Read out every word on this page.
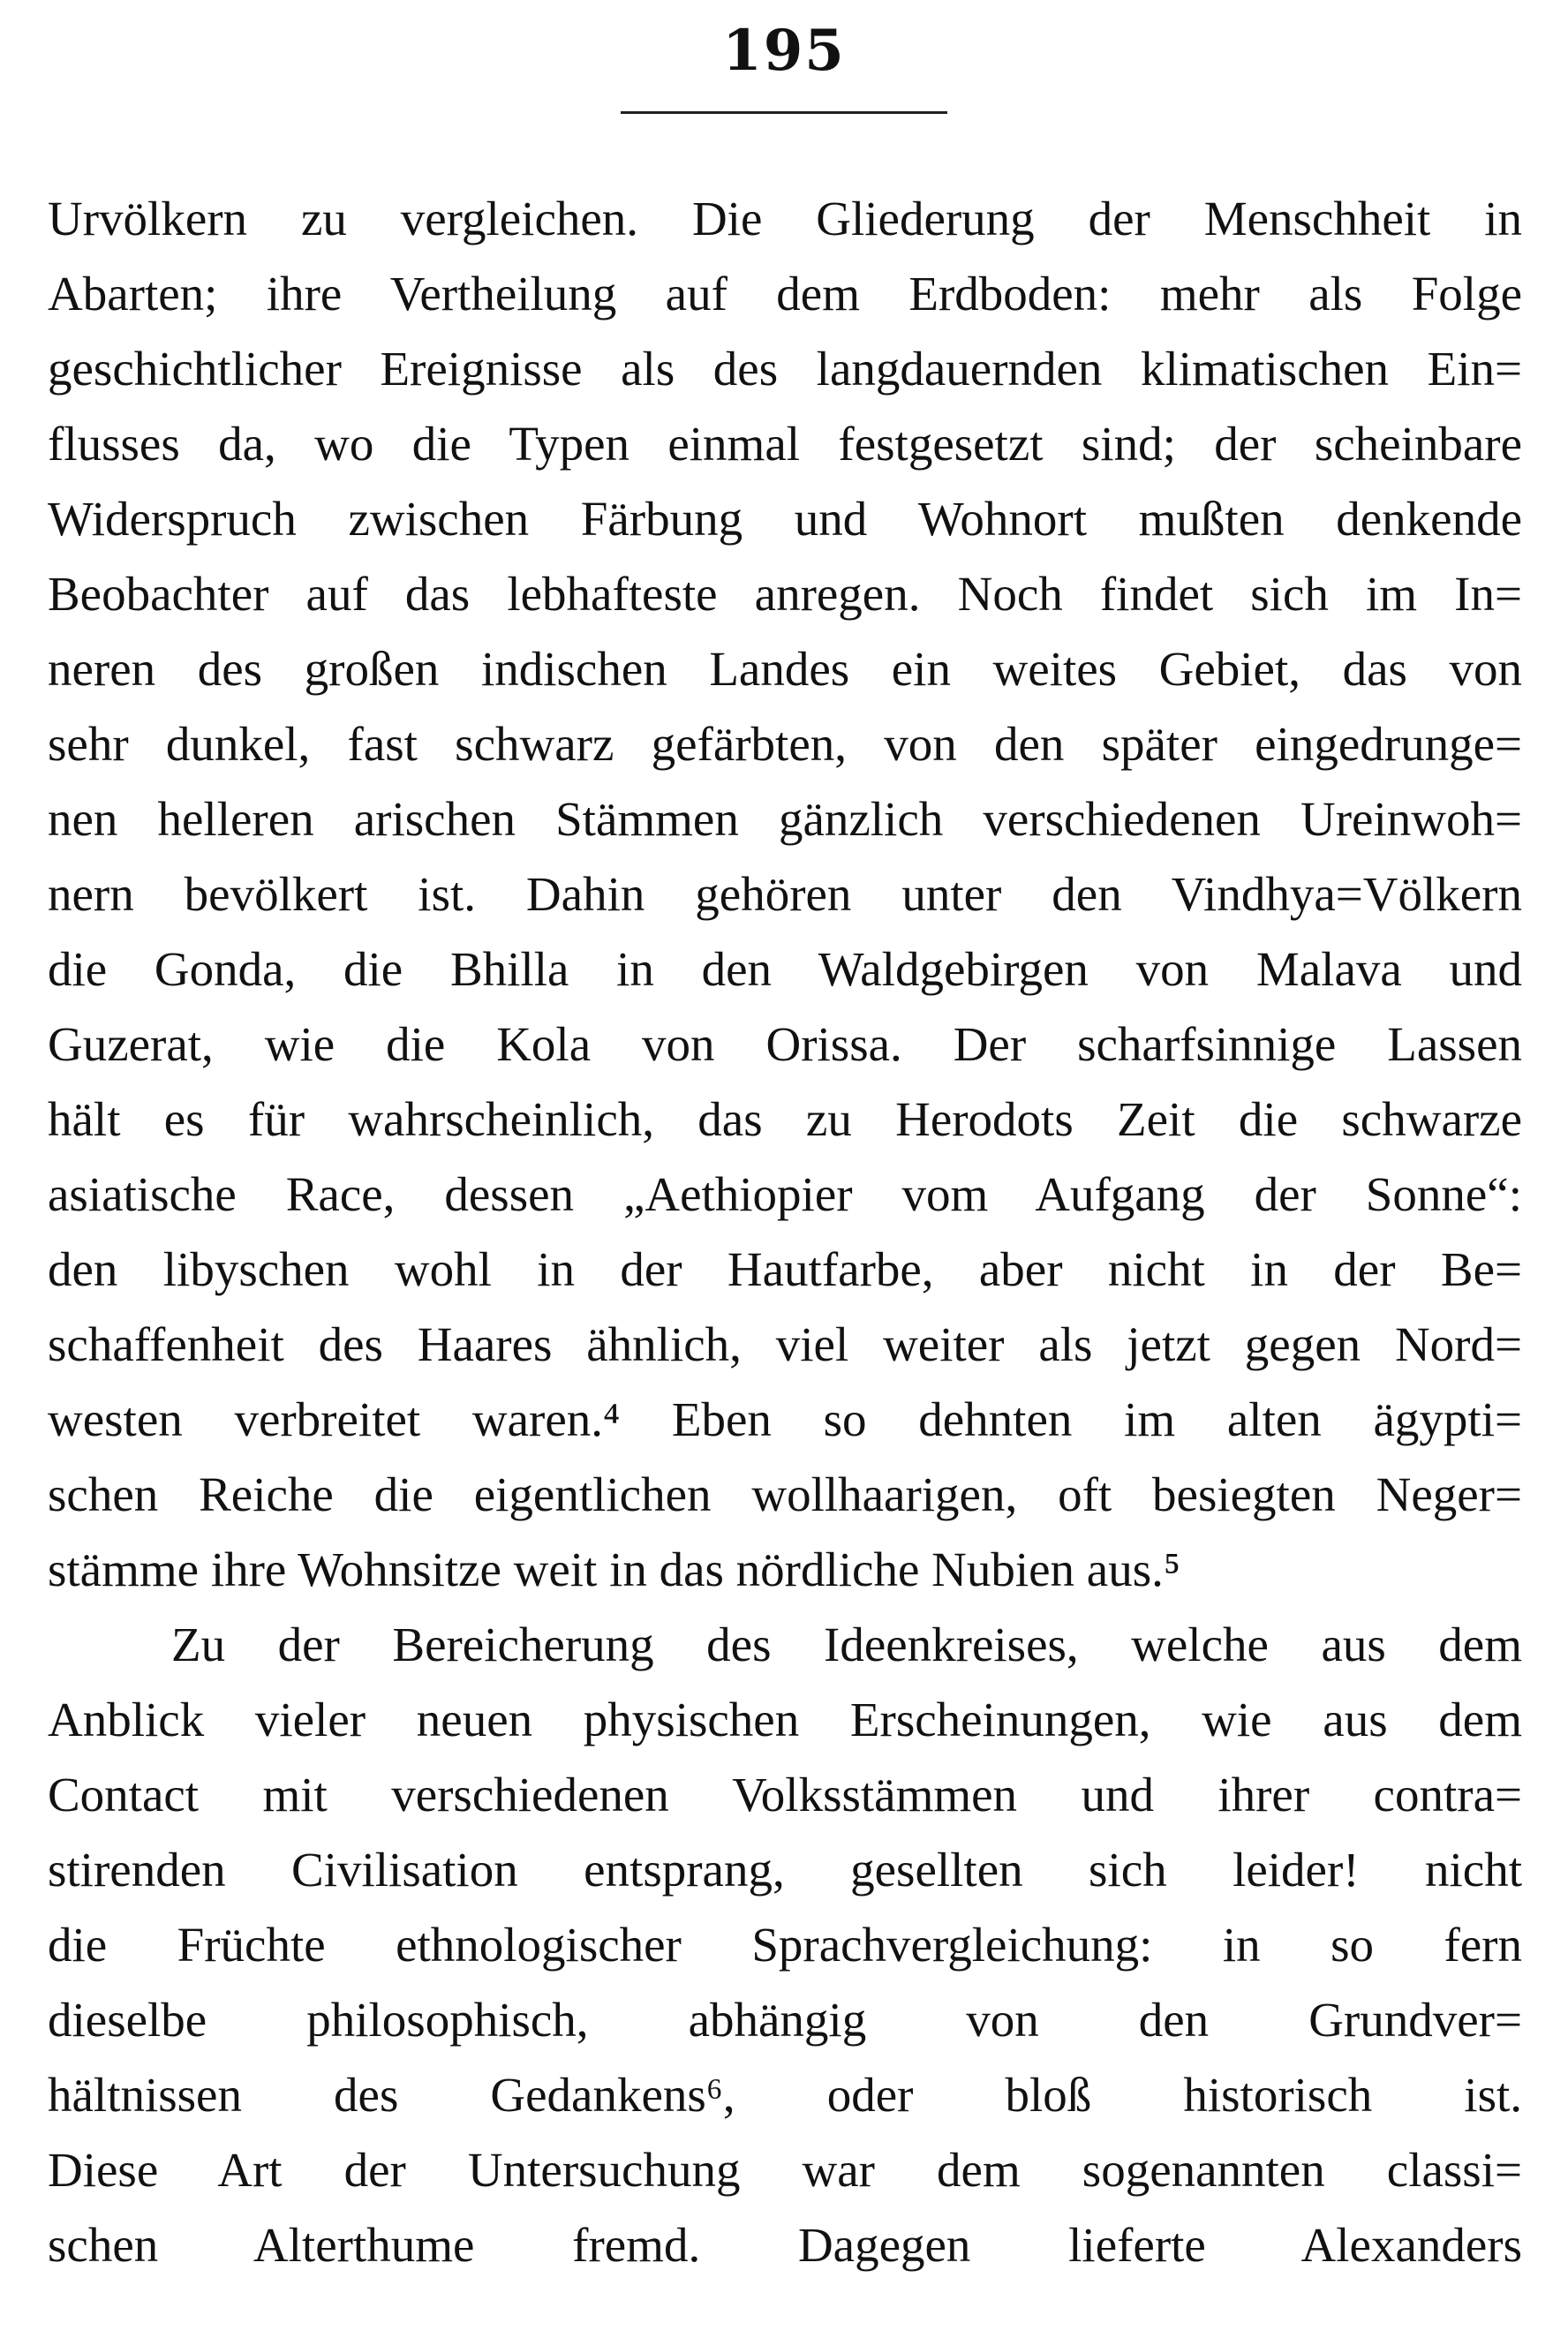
195
Urvölkern zu vergleichen. Die Gliederung der Menschheit in
Abarten; ihre Vertheilung auf dem Erdboden: mehr als Folge
geschichtlicher Ereignisse als des langdauernden klimatischen Ein=
flusses da, wo die Typen einmal festgesetzt sind; der scheinbare
Widerspruch zwischen Färbung und Wohnort mußten denkende
Beobachter auf das lebhafteste anregen. Noch findet sich im In=
neren des großen indischen Landes ein weites Gebiet, das von
sehr dunkel, fast schwarz gefärbten, von den später eingedrunge=
nen helleren arischen Stämmen gänzlich verschiedenen Ureinwoh=
nern bevölkert ist. Dahin gehören unter den Vindhya=Völkern
die Gonda, die Bhilla in den Waldgebirgen von Malava und
Guzerat, wie die Kola von Orissa. Der scharfsinnige Lassen
hält es für wahrscheinlich, das zu Herodots Zeit die schwarze
asiatische Race, dessen „Aethiopier vom Aufgang der Sonne“:
den libyschen wohl in der Hautfarbe, aber nicht in der Be=
schaffenheit des Haares ähnlich, viel weiter als jetzt gegen Nord=
westen verbreitet waren.⁴ Eben so dehnten im alten ägypti=
schen Reiche die eigentlichen wollhaarigen, oft besiegten Neger=
stämme ihre Wohnsitze weit in das nördliche Nubien aus.⁵
Zu der Bereicherung des Ideenkreises, welche aus dem
Anblick vieler neuen physischen Erscheinungen, wie aus dem
Contact mit verschiedenen Volksstämmen und ihrer contra=
stirenden Civilisation entsprang, gesellten sich leider! nicht
die Früchte ethnologischer Sprachvergleichung: in so fern
dieselbe philosophisch, abhängig von den Grundver=
hältnissen des Gedankens⁶, oder bloß historisch ist.
Diese Art der Untersuchung war dem sogenannten classi=
schen Alterthume fremd. Dagegen lieferte Alexanders
